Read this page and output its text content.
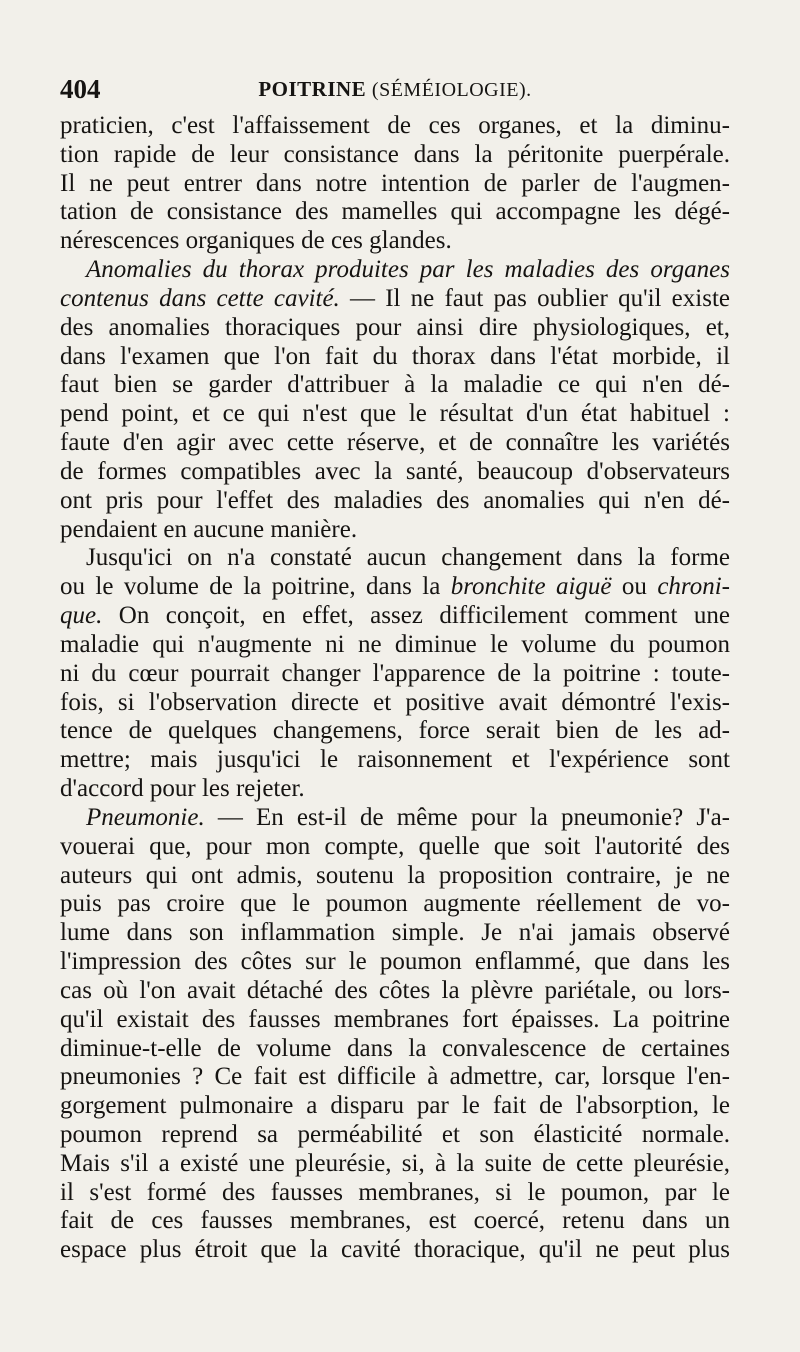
404	POITRINE (SÉMÉIOLOGIE).
praticien, c'est l'affaissement de ces organes, et la diminu-
tion rapide de leur consistance dans la péritonite puerpérale.
Il ne peut entrer dans notre intention de parler de l'augmen-
tation de consistance des mamelles qui accompagne les dégé-
nérescences organiques de ces glandes.
Anomalies du thorax produites par les maladies des organes
contenus dans cette cavité. — Il ne faut pas oublier qu'il existe
des anomalies thoraciques pour ainsi dire physiologiques, et,
dans l'examen que l'on fait du thorax dans l'état morbide, il
faut bien se garder d'attribuer à la maladie ce qui n'en dé-
pend point, et ce qui n'est que le résultat d'un état habituel :
faute d'en agir avec cette réserve, et de connaître les variétés
de formes compatibles avec la santé, beaucoup d'observateurs
ont pris pour l'effet des maladies des anomalies qui n'en dé-
pendaient en aucune manière.
Jusqu'ici on n'a constaté aucun changement dans la forme
ou le volume de la poitrine, dans la bronchite aiguë ou chroni-
que. On conçoit, en effet, assez difficilement comment une
maladie qui n'augmente ni ne diminue le volume du poumon
ni du cœur pourrait changer l'apparence de la poitrine : toute-
fois, si l'observation directe et positive avait démontré l'exis-
tence de quelques changemens, force serait bien de les ad-
mettre; mais jusqu'ici le raisonnement et l'expérience sont
d'accord pour les rejeter.
Pneumonie. — En est-il de même pour la pneumonie? J'a-
vouerai que, pour mon compte, quelle que soit l'autorité des
auteurs qui ont admis, soutenu la proposition contraire, je ne
puis pas croire que le poumon augmente réellement de vo-
lume dans son inflammation simple. Je n'ai jamais observé
l'impression des côtes sur le poumon enflammé, que dans les
cas où l'on avait détaché des côtes la plèvre pariétale, ou lors-
qu'il existait des fausses membranes fort épaisses. La poitrine
diminue-t-elle de volume dans la convalescence de certaines
pneumonies ? Ce fait est difficile à admettre, car, lorsque l'en-
gorgement pulmonaire a disparu par le fait de l'absorption, le
poumon reprend sa perméabilité et son élasticité normale.
Mais s'il a existé une pleurésie, si, à la suite de cette pleurésie,
il s'est formé des fausses membranes, si le poumon, par le
fait de ces fausses membranes, est coercé, retenu dans un
espace plus étroit que la cavité thoracique, qu'il ne peut plus
